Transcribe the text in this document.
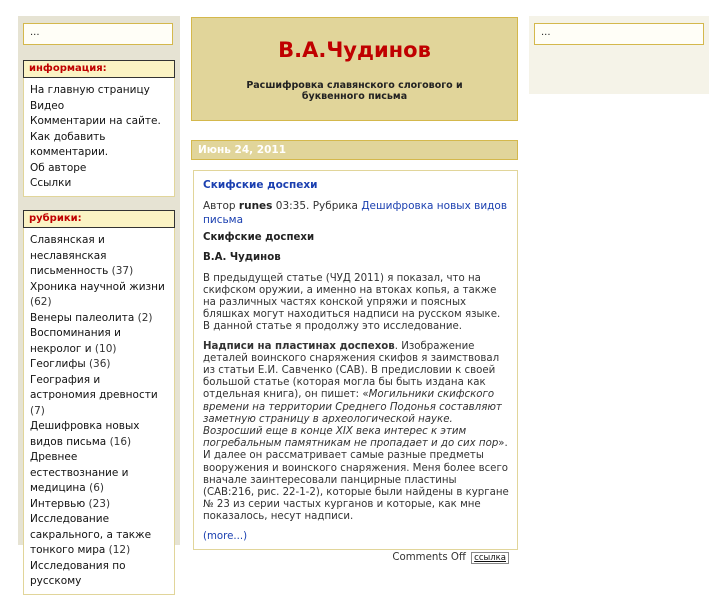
...
информация:
На главную страницу
Видео
Комментарии на сайте.
Как добавить комментарии.
Об авторе
Ссылки
рубрики:
Славянская и неславянская письменность (37)
Хроника научной жизни (62)
Венеры палеолита (2)
Воспоминания и некролог и (10)
Геоглифы (36)
География и астрономия древности (7)
Дешифровка новых видов письма (16)
Древнее естествознание и медицина (6)
Интервью (23)
Исследование сакрального, а также тонкого мира (12)
Исследования по русскому
В.А.Чудинов
Расшифровка славянского слогового и буквенного письма
Июнь 24, 2011
Скифские доспехи
Автор runes 03:35. Рубрика Дешифровка новых видов письма

Скифские доспехи

В.А. Чудинов

В предыдущей статье (ЧУД 2011) я показал, что на скифском оружии, а именно на втоках копья, а также на различных частях конской упряжи и поясных бляшках могут находиться надписи на русском языке. В данной статье я продолжу это исследование.

Надписи на пластинах доспехов. Изображение деталей воинского снаряжения скифов я заимствовал из статьи Е.И. Савченко (САВ). В предисловии к своей большой статье (которая могла бы быть издана как отдельная книга), он пишет: «Могильники скифского времени на территории Среднего Подонья составляют заметную страницу в археологической науке. Возросший еще в конце XIX века интерес к этим погребальным памятникам не пропадает и до сих пор». И далее он рассматривает самые разные предметы вооружения и воинского снаряжения. Меня более всего вначале заинтересовали панцирные пластины (САВ:216, рис. 22-1-2), которые были найдены в кургане № 23 из серии частых курганов и которые, как мне показалось, несут надписи.

(more...)
Comments Off ссылка
...
